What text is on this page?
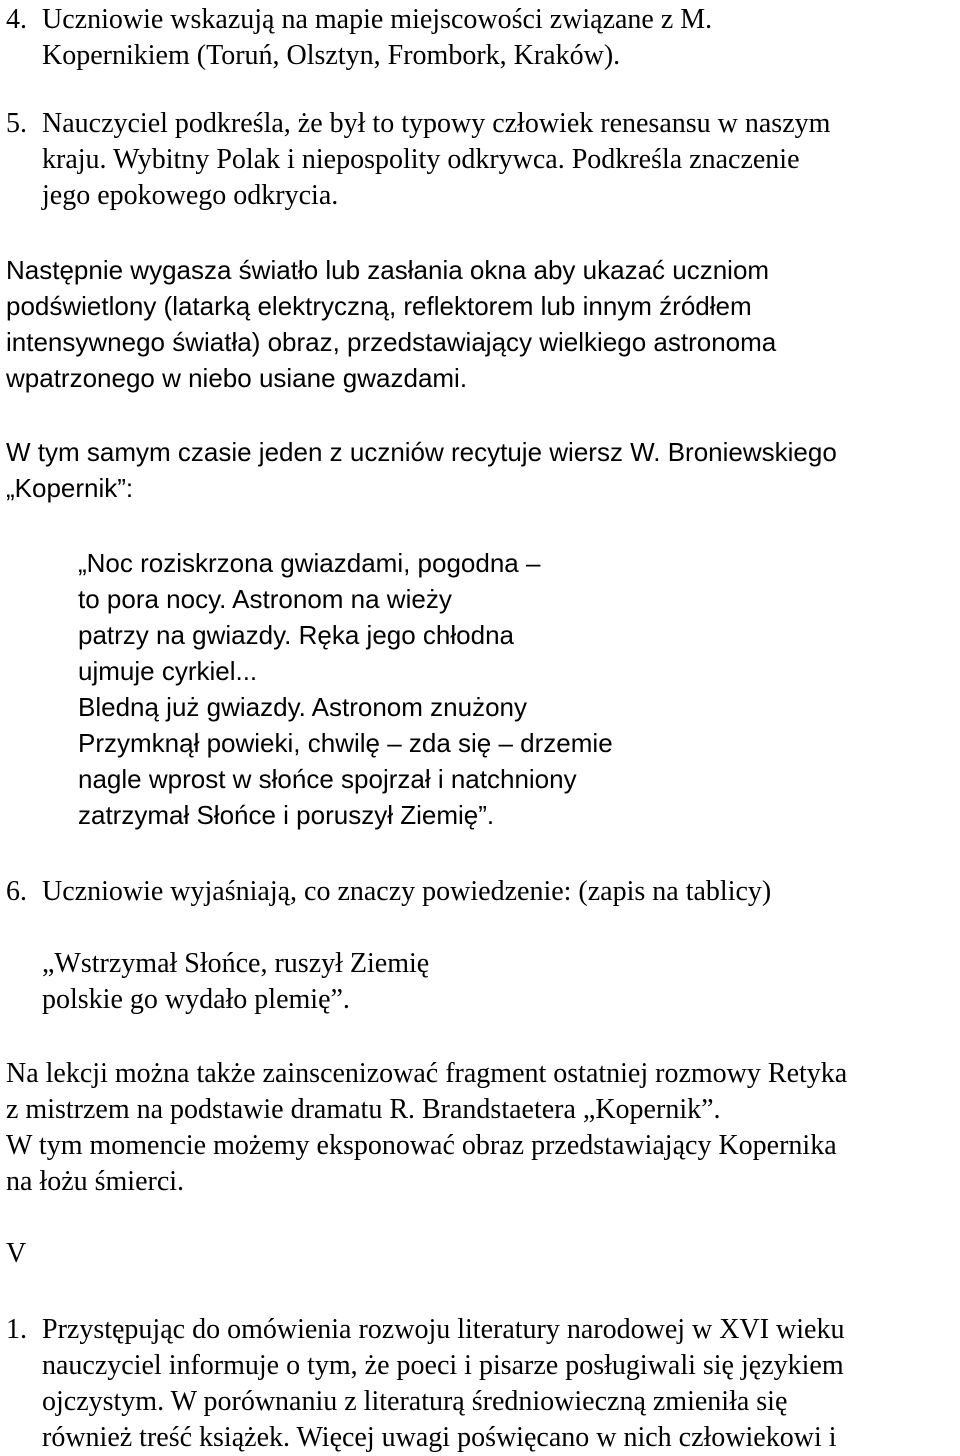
4. Uczniowie wskazują na mapie miejscowości związane z M.
Kopernikiem (Toruń, Olsztyn, Frombork, Kraków).
5. Nauczyciel podkreśla, że był to typowy człowiek renesansu w naszym
kraju. Wybitny Polak i niepospolity odkrywca. Podkreśla znaczenie
jego epokowego odkrycia.
Następnie wygasza światło lub zasłania okna aby ukazać uczniom
podświetlony (latarką elektryczną, reflektorem lub innym źródłem
intensywnego światła) obraz, przedstawiający wielkiego astronoma
wpatrzonego w niebo usiane gwazdami.
W tym samym czasie jeden z uczniów recytuje wiersz W. Broniewskiego
„Kopernik”:
„Noc roziskrzona gwiazdami, pogodna –
to pora nocy. Astronom na wieży
patrzy na gwiazdy. Ręka jego chłodna
ujmuje cyrkiel...
Bledną już gwiazdy. Astronom znużony
Przymknął powieki, chwilę – zda się – drzemie
nagle wprost w słońce spojrzał i natchniony
zatrzymał Słońce i poruszył Ziemię”.
6. Uczniowie wyjaśniają, co znaczy powiedzenie: (zapis na tablicy)
„Wstrzymał Słońce, ruszył Ziemię
polskie go wydało plemię”.
Na lekcji można także zainscenizować fragment ostatniej rozmowy Retyka
z mistrzem na podstawie dramatu R. Brandstaetera „Kopernik”.
W tym momencie możemy eksponować obraz przedstawiający Kopernika
na łożu śmierci.
V
1. Przystępując do omówienia rozwoju literatury narodowej w XVI wieku
nauczyciel informuje o tym, że poeci i pisarze posługiwali się językiem
ojczystym. W porównaniu z literaturą średniowieczną zmieniła się
również treść książek. Więcej uwagi poświęcano w nich człowiekowi i
